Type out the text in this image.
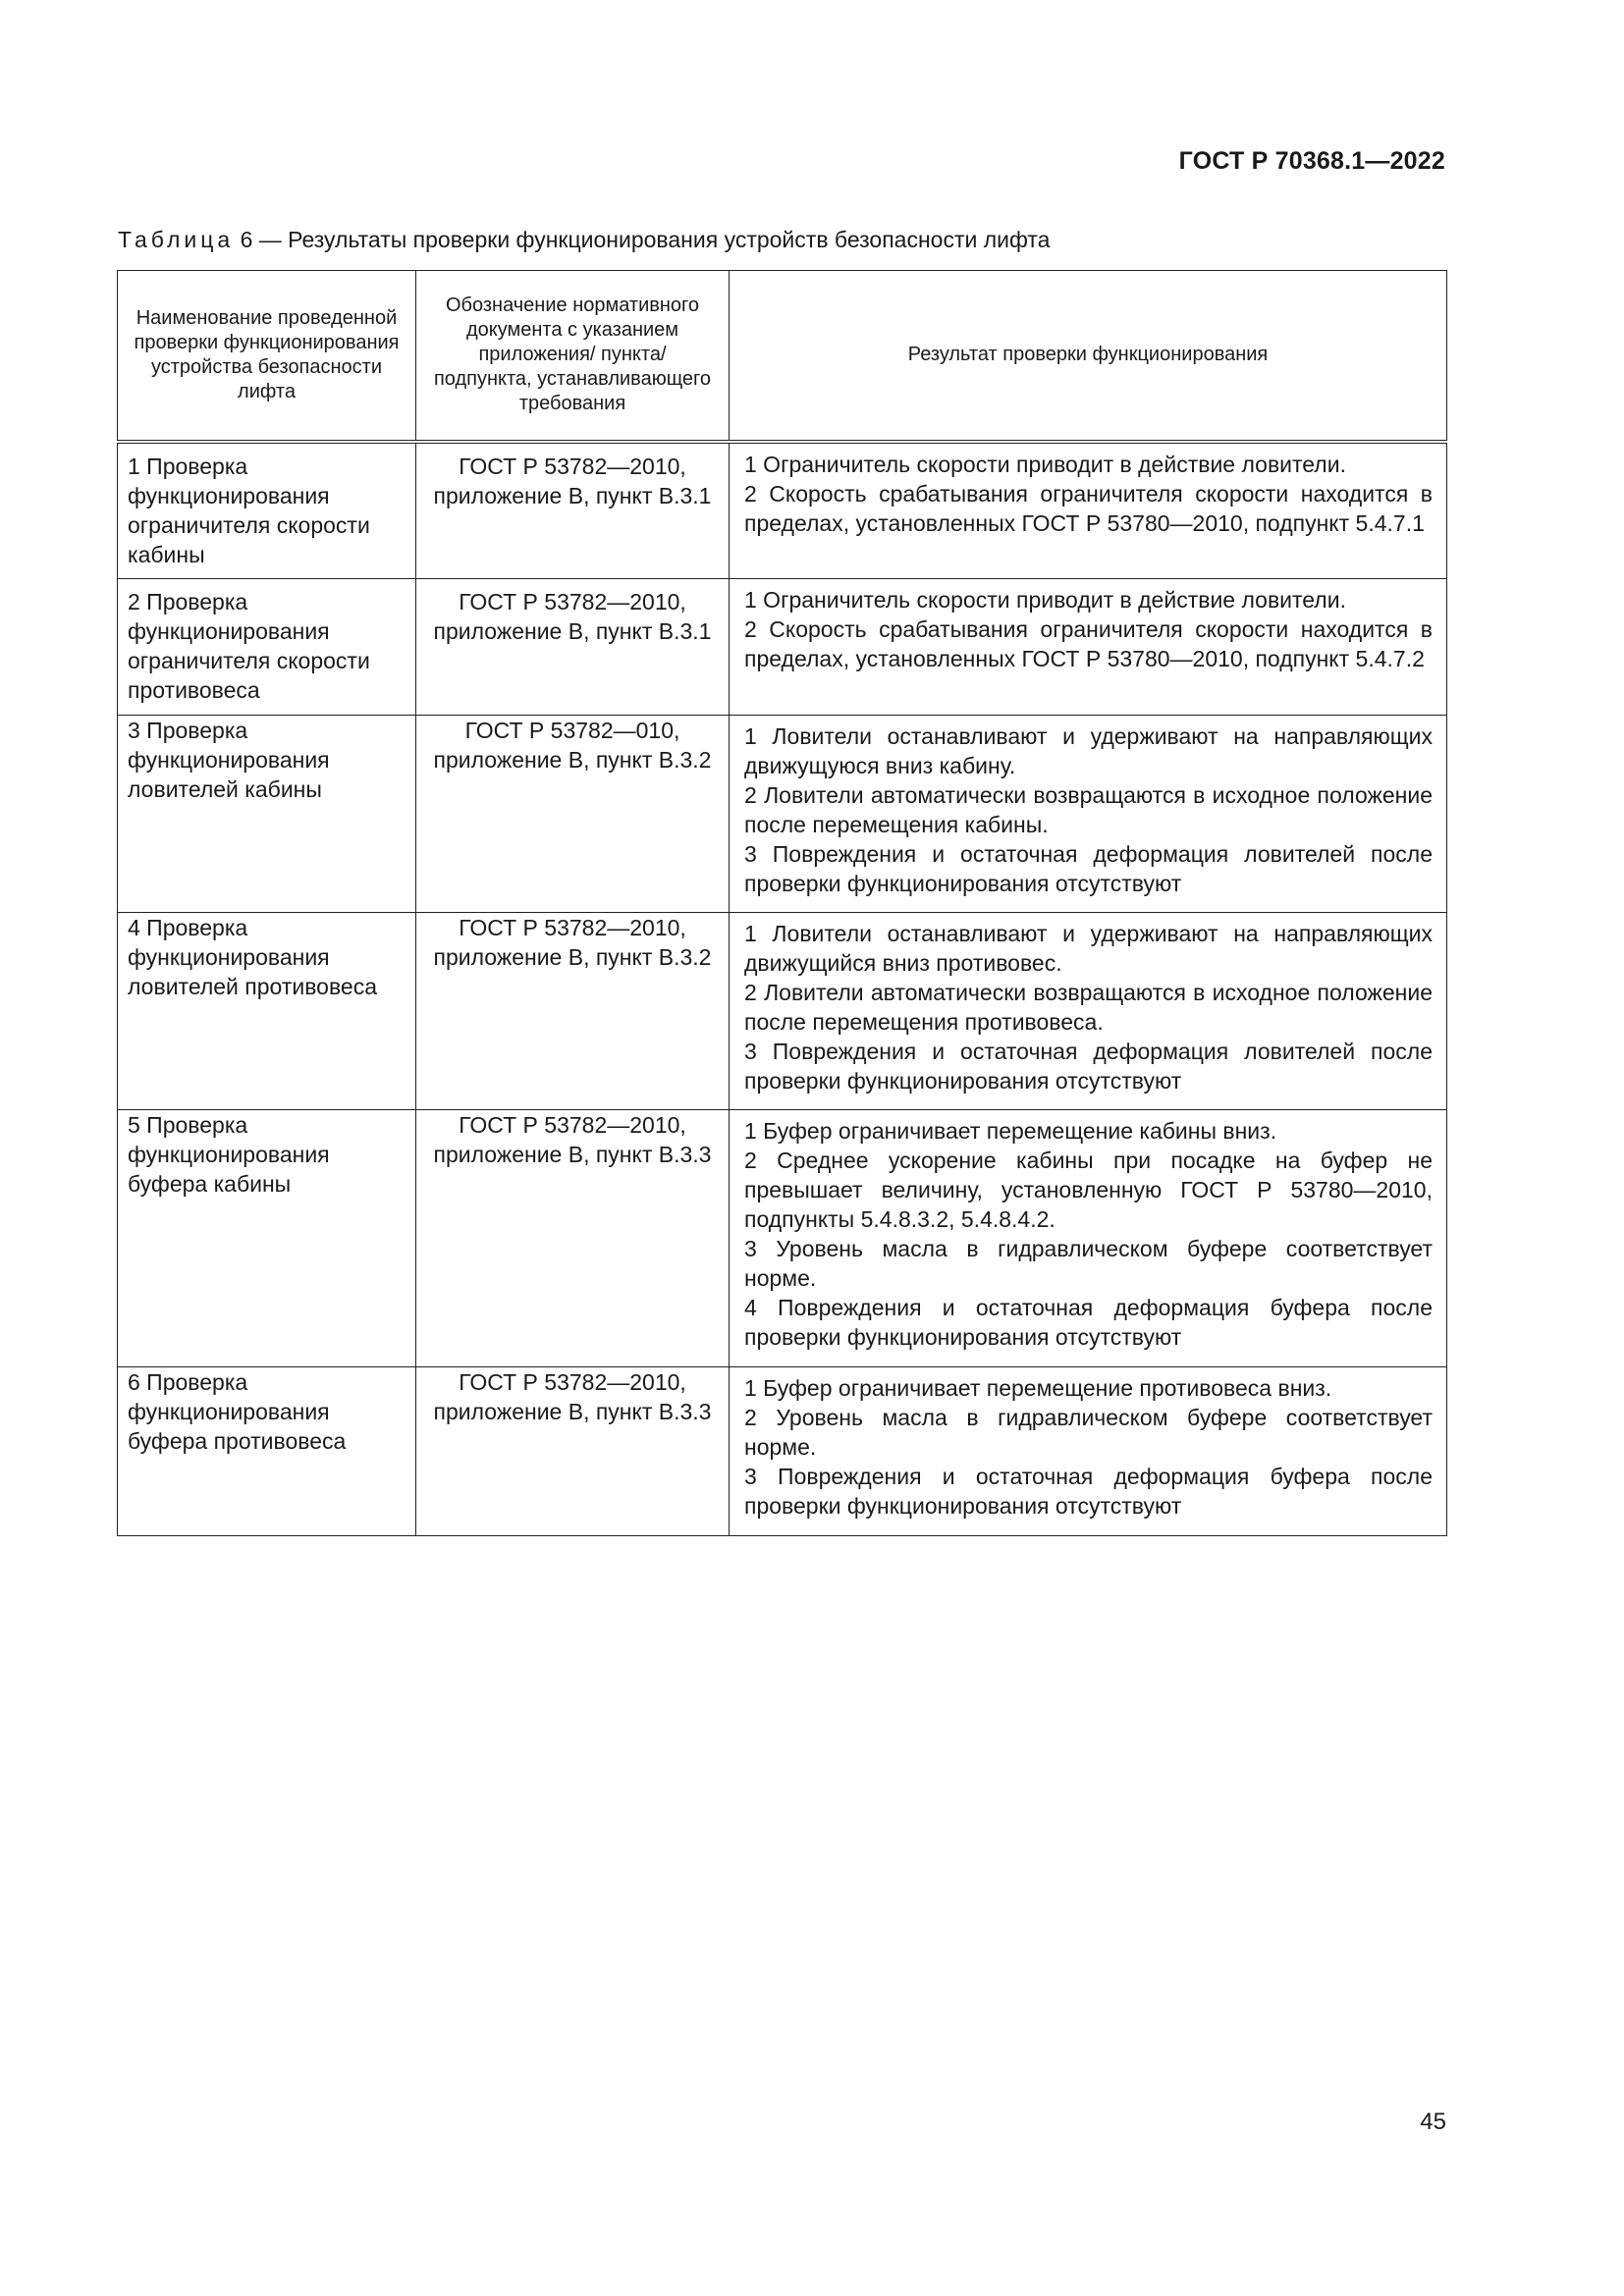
ГОСТ Р 70368.1—2022
Таблица 6 — Результаты проверки функционирования устройств безопасности лифта
Наименование проведенной проверки функционирования устройства безопасности лифта	Обозначение нормативного документа с указанием приложения/ пункта/подпункта, устанавливающего требования	Результат проверки функционирования

1 Проверка функционирования ограничителя скорости кабины	ГОСТ Р 53782—2010, приложение В, пункт В.3.1	1 Ограничитель скорости приводит в действие ловители.
2 Скорость срабатывания ограничителя скорости находится в пределах, установленных ГОСТ Р 53780—2010, подпункт 5.4.7.1

2 Проверка функционирования ограничителя скорости противовеса	ГОСТ Р 53782—2010, приложение В, пункт В.3.1	1 Ограничитель скорости приводит в действие ловители.
2 Скорость срабатывания ограничителя скорости находится в пределах, установленных ГОСТ Р 53780—2010, подпункт 5.4.7.2

3 Проверка функционирования ловителей кабины	ГОСТ Р 53782—010, приложение В, пункт В.3.2	1 Ловители останавливают и удерживают на направляющих движущуюся вниз кабину.
2 Ловители автоматически возвращаются в исходное положение после перемещения кабины.
3 Повреждения и остаточная деформация ловителей после проверки функционирования отсутствуют

4 Проверка функционирования ловителей противовеса	ГОСТ Р 53782—2010, приложение В, пункт В.3.2	1 Ловители останавливают и удерживают на направляющих движущийся вниз противовес.
2 Ловители автоматически возвращаются в исходное положение после перемещения противовеса.
3 Повреждения и остаточная деформация ловителей после проверки функционирования отсутствуют

5 Проверка функционирования буфера кабины	ГОСТ Р 53782—2010, приложение В, пункт В.3.3	1 Буфер ограничивает перемещение кабины вниз.
2 Среднее ускорение кабины при посадке на буфер не превышает величину, установленную ГОСТ Р 53780—2010, подпункты 5.4.8.3.2, 5.4.8.4.2.
3 Уровень масла в гидравлическом буфере соответствует норме.
4 Повреждения и остаточная деформация буфера после проверки функционирования отсутствуют

6 Проверка функционирования буфера противовеса	ГОСТ Р 53782—2010, приложение В, пункт В.3.3	1 Буфер ограничивает перемещение противовеса вниз.
2 Уровень масла в гидравлическом буфере соответствует норме.
3 Повреждения и остаточная деформация буфера после проверки функционирования отсутствуют
45
